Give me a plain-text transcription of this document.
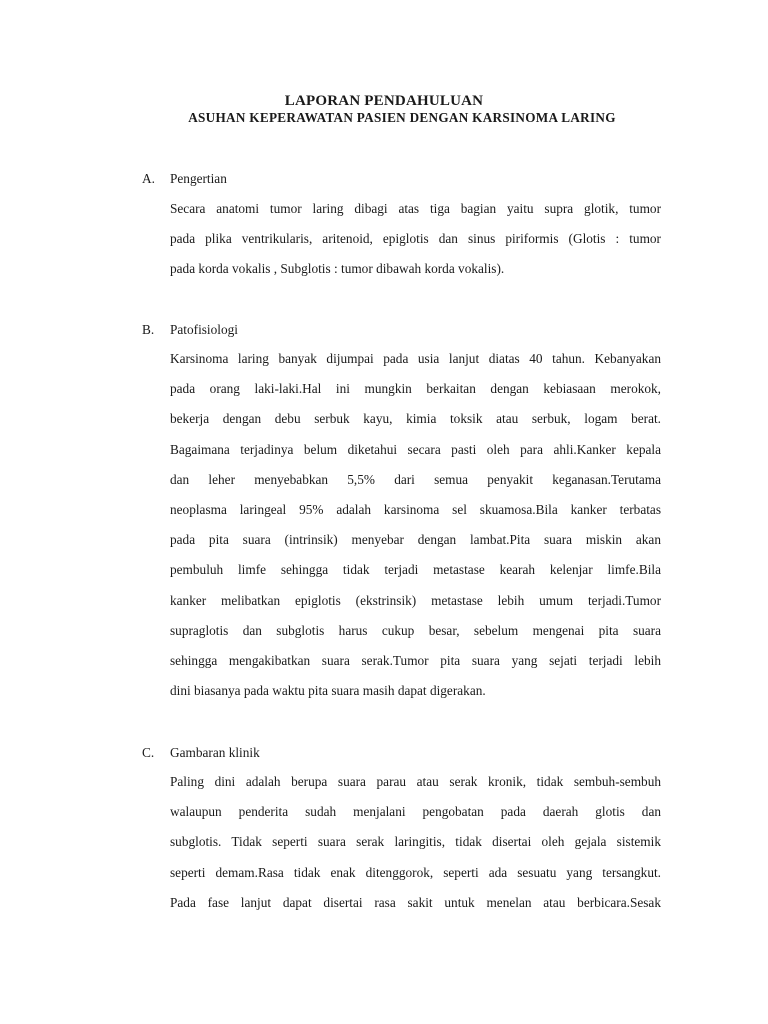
LAPORAN PENDAHULUAN
ASUHAN KEPERAWATAN PASIEN DENGAN KARSINOMA LARING
A. Pengertian
Secara anatomi tumor laring dibagi atas tiga bagian yaitu supra glotik, tumor
pada plika ventrikularis, aritenoid, epiglotis dan sinus piriformis (Glotis : tumor
pada korda vokalis , Subglotis : tumor dibawah korda vokalis).
B. Patofisiologi
Karsinoma laring banyak dijumpai pada usia lanjut diatas 40 tahun. Kebanyakan
pada orang laki-laki.Hal ini mungkin berkaitan dengan kebiasaan merokok,
bekerja dengan debu serbuk kayu, kimia toksik atau serbuk, logam berat.
Bagaimana terjadinya belum diketahui secara pasti oleh para ahli.Kanker kepala
dan leher menyebabkan 5,5% dari semua penyakit keganasan.Terutama
neoplasma laringeal 95% adalah karsinoma sel skuamosa.Bila kanker terbatas
pada pita suara (intrinsik) menyebar dengan lambat.Pita suara miskin akan
pembuluh limfe sehingga tidak terjadi metastase kearah kelenjar limfe.Bila
kanker melibatkan epiglotis (ekstrinsik) metastase lebih umum terjadi.Tumor
supraglotis dan subglotis harus cukup besar, sebelum mengenai pita suara
sehingga mengakibatkan suara serak.Tumor pita suara yang sejati terjadi lebih
dini biasanya pada waktu pita suara masih dapat digerakan.
C. Gambaran klinik
Paling dini adalah berupa suara parau atau serak kronik, tidak sembuh-sembuh
walaupun penderita sudah menjalani pengobatan pada daerah glotis dan
subglotis. Tidak seperti suara serak laringitis, tidak disertai oleh gejala sistemik
seperti demam.Rasa tidak enak ditenggorok, seperti ada sesuatu yang tersangkut.
Pada fase lanjut dapat disertai rasa sakit untuk menelan atau berbicara.Sesak
